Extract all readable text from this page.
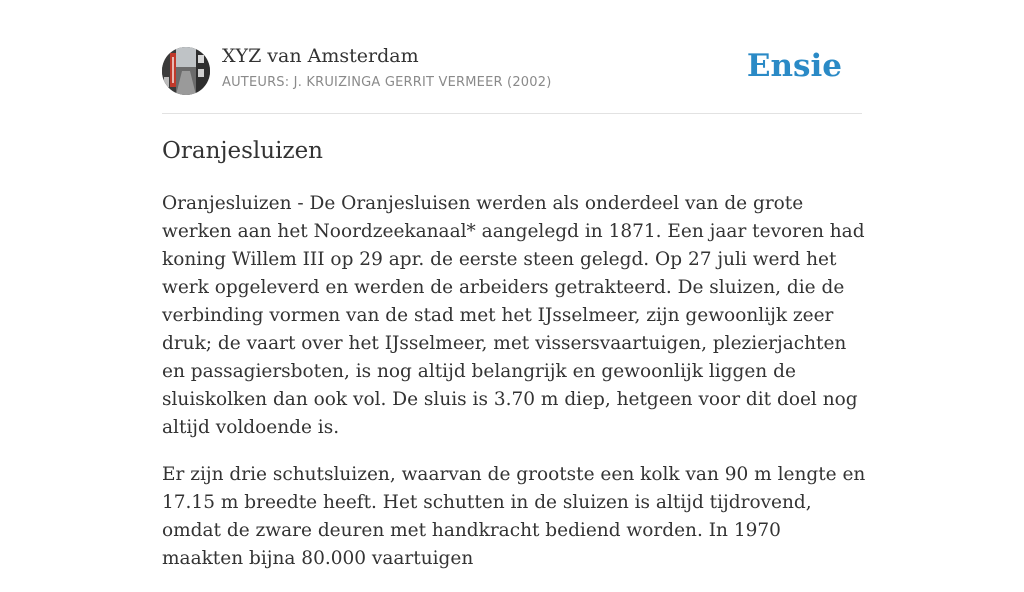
XYZ van Amsterdam
AUTEURS: J. KRUIZINGA GERRIT VERMEER (2002)	Ensie
Oranjesluizen

Oranjesluizen - De Oranjesluisen werden als onderdeel van de grote werken aan het Noordzeekanaal* aangelegd in 1871. Een jaar tevoren had koning Willem III op 29 apr. de eerste steen gelegd. Op 27 juli werd het werk opgeleverd en werden de arbeiders getrakteerd. De sluizen, die de verbinding vormen van de stad met het IJsselmeer, zijn gewoonlijk zeer druk; de vaart over het IJsselmeer, met vissersvaartuigen, plezierjachten en passagiersboten, is nog altijd belangrijk en gewoonlijk liggen de sluiskolken dan ook vol. De sluis is 3.70 m diep, hetgeen voor dit doel nog altijd voldoende is.

Er zijn drie schutsluizen, waarvan de grootste een kolk van 90 m lengte en 17.15 m breedte heeft. Het schutten in de sluizen is altijd tijdrovend, omdat de zware deuren met handkracht bediend worden. In 1970 maakten bijna 80.000 vaartuigen
